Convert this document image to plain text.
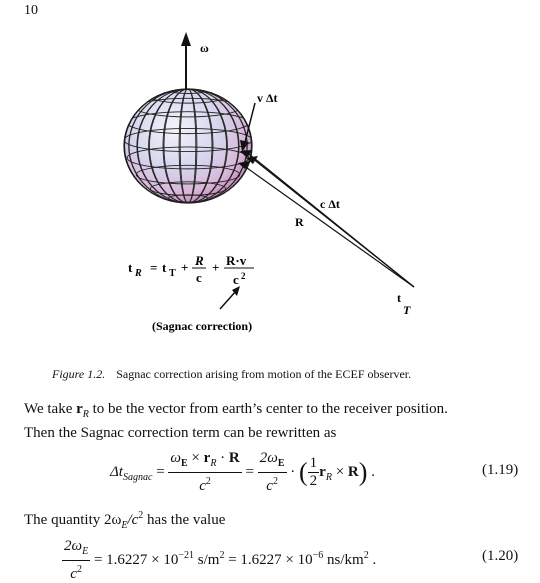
10
ω
v Δt
c Δt
R
t
T
t R = t T + R
c
+ R·v
c 2
(Sagnac correction)
Figure 1.2. Sagnac correction arising from motion of the ECEF observer.
We take $r_R$ to be the vector from earth’s center to the receiver position.
Then the Sagnac correction term can be rewritten as
$\Delta t_{Sagnac} = \frac{\omega_E \times r_R \cdot R}{c^2} = \frac{2\omega_E}{c^2}$ · ( $\frac{1}{2} r_R \times R$) .	(1.19)
The quantity $2\omega_E/c^2$ has the value
$\frac{2\omega_E}{c^2} = 1.6227 \times 10^{-21}$ $s/m^2 = 1.6227 \times 10^{-6}$ $ns/km^2$ .	(1.20)
